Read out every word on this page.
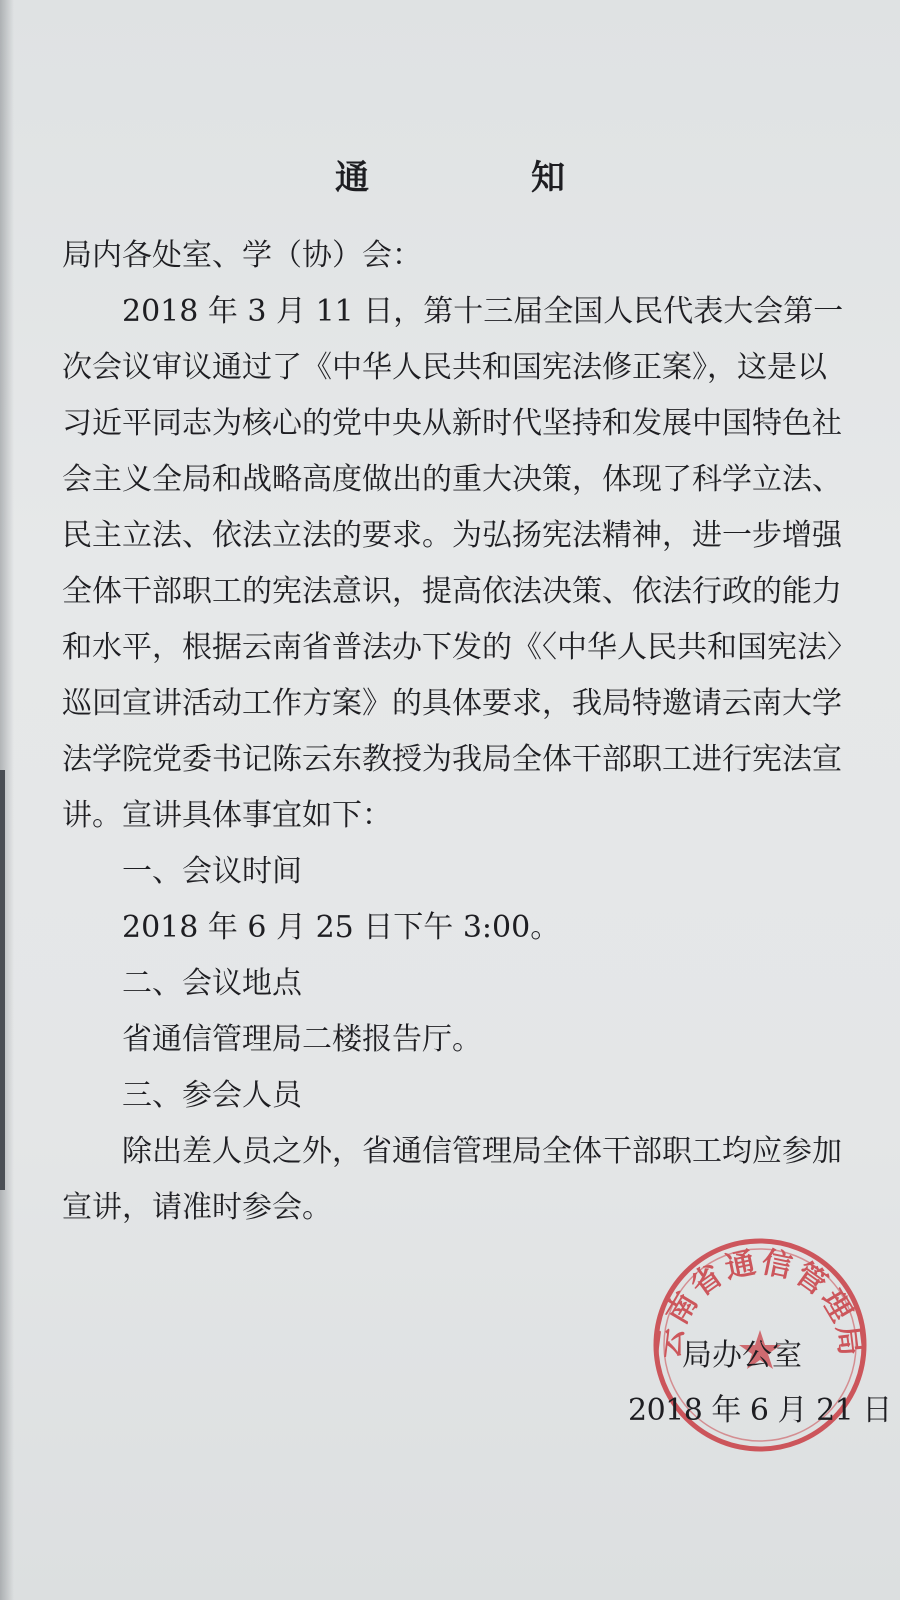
通　知

局内各处室、学（协）会：

2018 年 3 月 11 日，第十三届全国人民代表大会第一次会议审议通过了《中华人民共和国宪法修正案》，这是以习近平同志为核心的党中央从新时代坚持和发展中国特色社会主义全局和战略高度做出的重大决策，体现了科学立法、民主立法、依法立法的要求。为弘扬宪法精神，进一步增强全体干部职工的宪法意识，提高依法决策、依法行政的能力和水平，根据云南省普法办下发的《〈中华人民共和国宪法〉巡回宣讲活动工作方案》的具体要求，我局特邀请云南大学法学院党委书记陈云东教授为我局全体干部职工进行宪法宣讲。宣讲具体事宜如下：

一、会议时间

2018 年 6 月 25 日下午 3:00。

二、会议地点

省通信管理局二楼报告厅。

三、参会人员

除出差人员之外，省通信管理局全体干部职工均应参加宣讲，请准时参会。

云南省通信管理局
局办公室
2018 年 6 月 21 日
